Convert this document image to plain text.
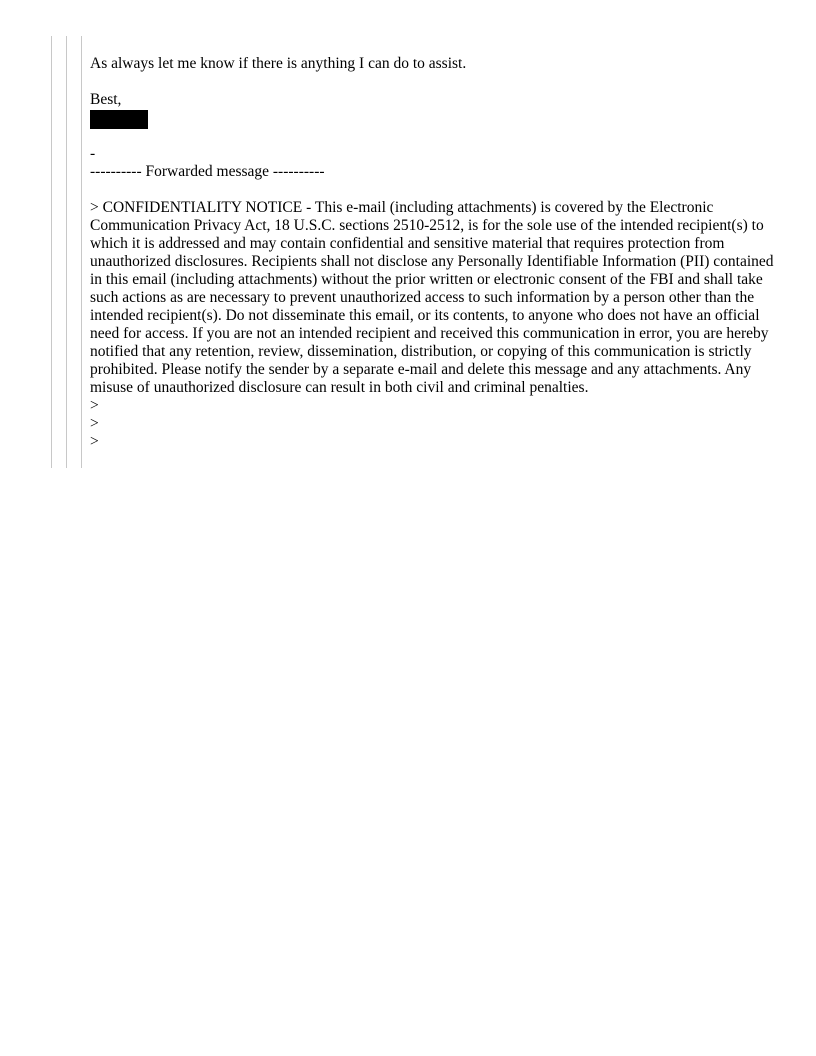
As always let me know if there is anything I can do to assist.
Best,
-
---------- Forwarded message ----------
> CONFIDENTIALITY NOTICE - This e-mail (including attachments) is covered by the Electronic Communication Privacy Act, 18 U.S.C. sections 2510-2512, is for the sole use of the intended recipient(s) to which it is addressed and may contain confidential and sensitive material that requires protection from unauthorized disclosures. Recipients shall not disclose any Personally Identifiable Information (PII) contained in this email (including attachments) without the prior written or electronic consent of the FBI and shall take such actions as are necessary to prevent unauthorized access to such information by a person other than the intended recipient(s). Do not disseminate this email, or its contents, to anyone who does not have an official need for access. If you are not an intended recipient and received this communication in error, you are hereby notified that any retention, review, dissemination, distribution, or copying of this communication is strictly prohibited. Please notify the sender by a separate e-mail and delete this message and any attachments. Any misuse of unauthorized disclosure can result in both civil and criminal penalties.
>
>
>
